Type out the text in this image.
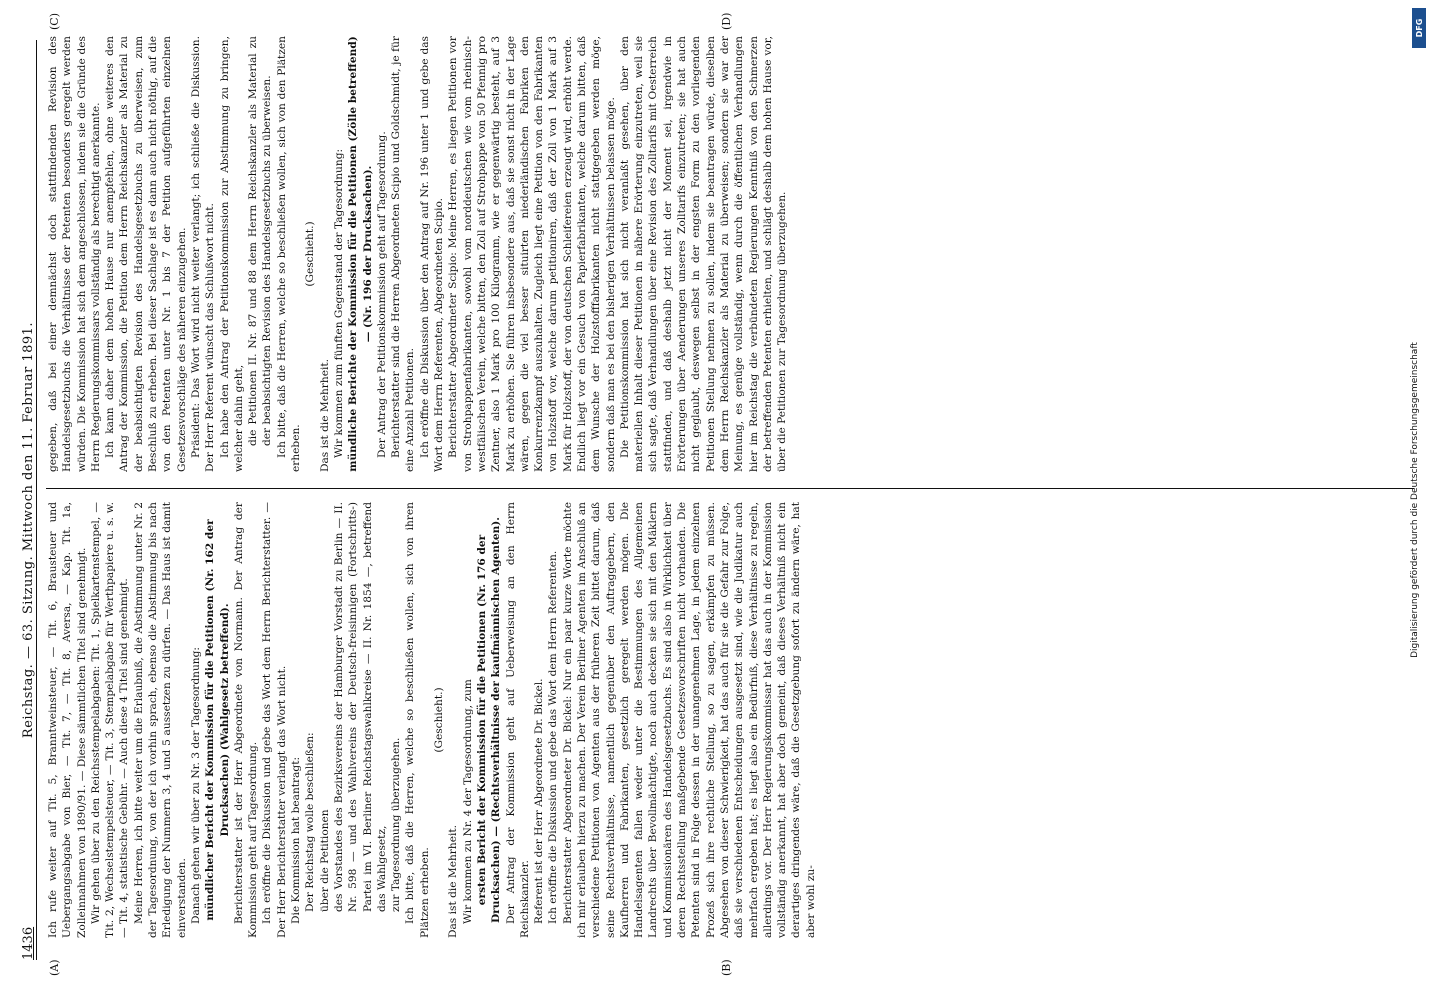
1436
Reichstag. — 63. Sitzung. Mittwoch den 11. Februar 1891.
(A)	(B)
(C)	(D)

Ich rufe weiter auf Tit. 5, Branntweinsteuer, — Tit. 6, Brausteuer und Uebergangsabgabe von Bier, — Tit. 7, — Tit. 8, Aversa, — Kap. Tit. 1a, Zolleinnahmen von 1890/91. — Diese sämmtlichen Titel sind genehmigt. Wir gehen über zu den Reichsstempelabgaben: Tit. 1, Spielkartenstempel, — Tit. 2, Wechselstempelsteuer, — Tit. 3, Stempelabgabe für Werthpapiere u. s. w. — Tit. 4, statistische Gebühr. — Auch diese 4 Titel sind genehmigt. Meine Herren, ich bitte weiter um die Erlaubniß, die Abstimmung unter Nr. 2 der Tagesordnung, von der ich vorhin sprach, ebenso die Abstimmung bis nach Erledigung der Nummern 3, 4 und 5 aussetzen zu dürfen. — Das Haus ist damit einverstanden. Danach gehen wir über zu Nr. 3 der Tagesordnung: mündlicher Bericht der Kommission für die Petitionen (Nr. 162 der Drucksachen) (Wahlgesetz betreffend). Berichterstatter ist der Herr Abgeordnete von Normann. Der Antrag der Kommission geht auf Tagesordnung. Ich eröffne die Diskussion und gebe das Wort dem Herrn Berichterstatter. — Der Herr Berichterstatter verlangt das Wort nicht. Die Kommission hat beantragt: Der Reichstag wolle beschließen: über die Petitionen des Vorstandes des Bezirksvereins der Hamburger Vorstadt zu Berlin — II. Nr. 598 — und des Wahlvereins der Deutsch-freisinnigen (Fortschritts-) Partei im VI. Berliner Reichstagswahlkreise — II. Nr. 1854 —, betreffend das Wahlgesetz, zur Tagesordnung überzugehen. Ich bitte, daß die Herren, welche so beschließen wollen, sich von ihren Plätzen erheben.

(Geschieht.)

Das ist die Mehrheit. Wir kommen zu Nr. 4 der Tagesordnung, zum ersten Bericht der Kommission für die Petitionen (Nr. 176 der Drucksachen) — (Rechtsverhältnisse der kaufmännischen Agenten). Der Antrag der Kommission geht auf Ueberweisung an den Herrn Reichskanzler. Referent ist der Herr Abgeordnete Dr. Bickel. Ich eröffne die Diskussion und gebe das Wort dem Herrn Referenten. Berichterstatter Abgeordneter Dr. Bickel: Nur ein paar kurze Worte möchte ich mir erlauben hierzu zu machen. Der Verein Berliner Agenten im Anschluß an verschiedene Petitionen von Agenten aus der früheren Zeit bittet darum, daß seine Rechtsverhältnisse, namentlich gegenüber den Auftraggebern, den Kaufherren und Fabrikanten, gesetzlich geregelt werden mögen. Die Handelsagenten fallen weder unter die Bestimmungen des Allgemeinen Landrechts über Bevollmächtigte, noch auch decken sie sich mit den Mäklern und Kommissionären des Handelsgesetzbuchs. Es sind also in Wirklichkeit über deren Rechtsstellung maßgebende Gesetzesvorschriften nicht vorhanden. Die Petenten sind in Folge dessen in der unangenehmen Lage, in jedem einzelnen Prozeß sich ihre rechtliche Stellung, so zu sagen, erkämpfen zu müssen. Abgesehen von dieser Schwierigkeit, hat das auch für sie die Gefahr zur Folge, daß sie verschiedenen Entscheidungen ausgesetzt sind, wie die Judikatur auch mehrfach ergeben hat; es liegt also ein Bedürfniß, diese Verhältnisse zu regeln, allerdings vor. Der Herr Regierungskommissar hat das auch in der Kommission vollständig anerkannt, hat aber doch gemeint, daß dieses Verhältniß nicht ein derartiges dringendes wäre, daß die Gesetzgebung sofort zu ändern wäre, hat aber wohl zu-

gegeben, daß bei einer demnächst doch stattfindenden Revision des Handelsgesetzbuchs die Verhältnisse der Petenten besonders geregelt werden würden. Die Kommission hat sich dem angeschlossen, indem sie die Gründe des Herrn Regierungskommissars vollständig als berechtigt anerkannte. Ich kann daher dem hohen Hause nur anempfehlen, ohne weiteres den Antrag der Kommission, die Petition dem Herrn Reichskanzler als Material zu der beabsichtigten Revision des Handelsgesetzbuchs zu überweisen, zum Beschluß zu erheben. Bei dieser Sachlage ist es dann auch nicht nöthig, auf die von den Petenten unter Nr. 1 bis 7 der Petition aufgeführten einzelnen Gesetzesvorschläge des näheren einzugehen. Präsident: Das Wort wird nicht weiter verlangt; ich schließe die Diskussion. Der Herr Referent wünscht das Schlußwort nicht. Ich habe den Antrag der Petitionskommission zur Abstimmung zu bringen, welcher dahin geht, die Petitionen II. Nr. 87 und 88 dem Herrn Reichskanzler als Material zu der beabsichtigten Revision des Handelsgesetzbuchs zu überweisen. Ich bitte, daß die Herren, welche so beschließen wollen, sich von den Plätzen erheben.

(Geschieht.)

Das ist die Mehrheit. Wir kommen zum fünften Gegenstand der Tagesordnung: mündliche Berichte der Kommission für die Petitionen (Zölle betreffend) — (Nr. 196 der Drucksachen). Der Antrag der Petitionskommission geht auf Tagesordnung. Berichterstatter sind die Herren Abgeordneten Scipio und Goldschmidt, je für eine Anzahl Petitionen. Ich eröffne die Diskussion über den Antrag auf Nr. 196 unter 1 und gebe das Wort dem Herrn Referenten, Abgeordneten Scipio. Berichterstatter Abgeordneter Scipio: Meine Herren, es liegen Petitionen vor von Strohpappenfabrikanten, sowohl vom norddeutschen wie vom rheinisch-westfälischen Verein, welche bitten, den Zoll auf Strohpappe von 50 Pfennig pro Zentner, also 1 Mark pro 100 Kilogramm, wie er gegenwärtig besteht, auf 3 Mark zu erhöhen. Sie führen insbesondere aus, daß sie sonst nicht in der Lage wären, gegen die viel besser situirten niederländischen Fabriken den Konkurrenzkampf auszuhalten. Zugleich liegt eine Petition von den Fabrikanten von Holzstoff vor, welche darum petitioniren, daß der Zoll von 1 Mark auf 3 Mark für Holzstoff, der von deutschen Schleifereien erzeugt wird, erhöht werde. Endlich liegt vor ein Gesuch von Papierfabrikanten, welche darum bitten, daß dem Wunsche der Holzstofffabrikanten nicht stattgegeben werden möge, sondern daß man es bei den bisherigen Verhältnissen belassen möge. Die Petitionskommission hat sich nicht veranlaßt gesehen, über den materiellen Inhalt dieser Petitionen in nähere Erörterung einzutreten, weil sie sich sagte, daß Verhandlungen über eine Revision des Zolltarifs mit Oesterreich stattfinden, und daß deshalb jetzt nicht der Moment sei, irgendwie in Erörterungen über Aenderungen unseres Zolltarifs einzutreten; sie hat auch nicht geglaubt, deswegen selbst in der engsten Form zu den vorliegenden Petitionen Stellung nehmen zu sollen, indem sie beantragen würde, dieselben dem Herrn Reichskanzler als Material zu überweisen; sondern sie war der Meinung, es genüge vollständig, wenn durch die öffentlichen Verhandlungen hier im Reichstag die verbündeten Regierungen Kenntniß von den Schmerzen der betreffenden Petenten erhielten, und schlägt deshalb dem hohen Hause vor, über die Petitionen zur Tagesordnung überzugehen.

Digitalisierung gefördert durch die Deutsche Forschungsgemeinschaft
DFG
